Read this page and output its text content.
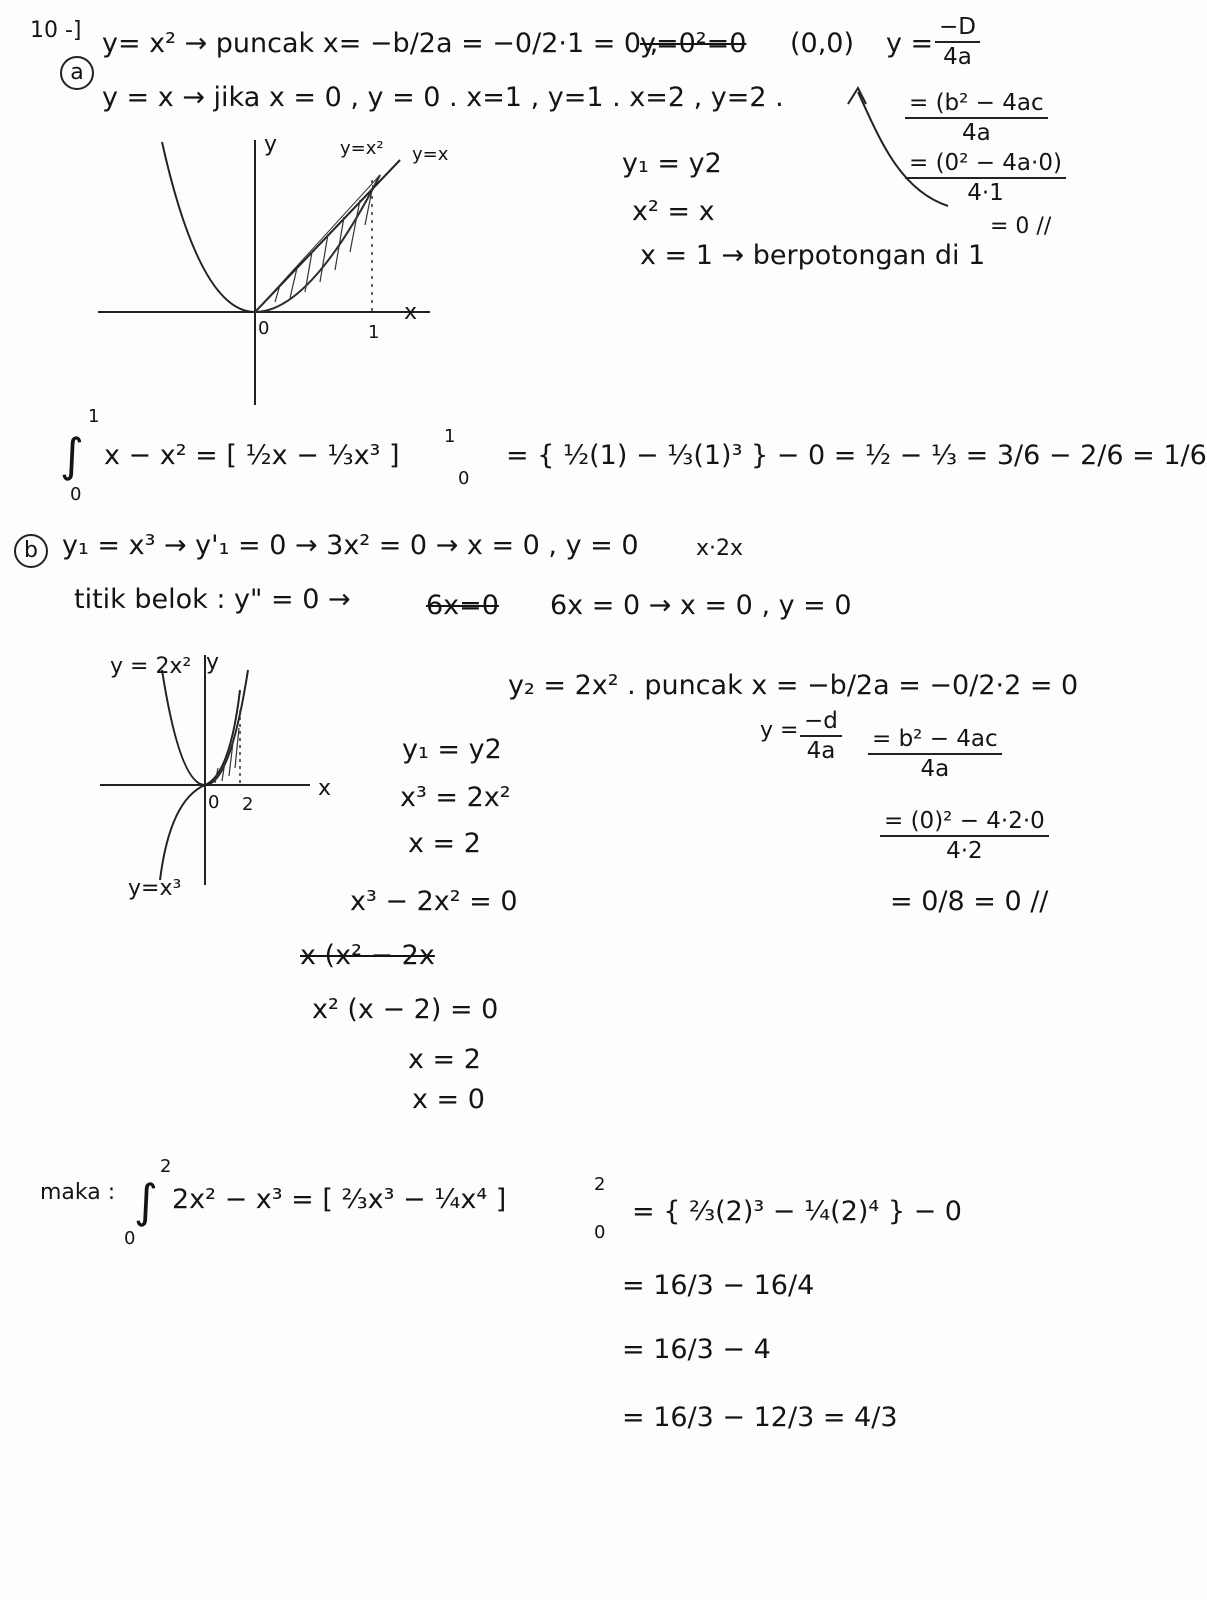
10 -]
a
y= x² → puncak x= −b/2a = −0/2·1 = 0 ,
y=0²=0 (0,0) $y = \frac{-D}{4a}$
y = x → jika x = 0 , y = 0 . x=1 , y=1 . x=2 , y=2 .	$\frac{\text{= (b² − 4ac}}{4a}$
$\frac{\text{= (0² − 4a·0)}}{4\cdot 1}$
= 0 //
y₁ = y2
x² = x
x = 1 → berpotongan di 1
y
x
0	1
y=x² y=x
1
∫
0
x − x² = [ ½x − ⅓x³ ]
1
0
= { ½(1) − ⅓(1)³ } − 0 = ½ − ⅓ = 3/6 − 2/6 = 1/6
b y₁ = x³ → y'₁ = 0 → 3x² = 0 → x = 0 , y = 0	x·2x
titik belok : y" = 0 →	6x=0 6x = 0 → x = 0 , y = 0
y₂ = 2x² . puncak x = −b/2a = −0/2·2 = 0
$y = \frac{-d}{4a} \frac{\text{= b² − 4ac}}{4a}$
$\frac{\text{= (0)² − 4·2·0}}{4\cdot 2}$
= 0/8 = 0 //
y = 2x² y
x
0 2
y=x³
y₁ = y2
x³ = 2x²
x = 2
x³ − 2x² = 0
x (x² − 2x
x² (x − 2) = 0
x = 2
x = 0
maka :
2
∫
0
2x² − x³ = [ ⅔x³ − ¼x⁴ ]	2
0
= { ⅔(2)³ − ¼(2)⁴ } − 0
= 16/3 − 16/4
= 16/3 − 4
= 16/3 − 12/3 = 4/3
